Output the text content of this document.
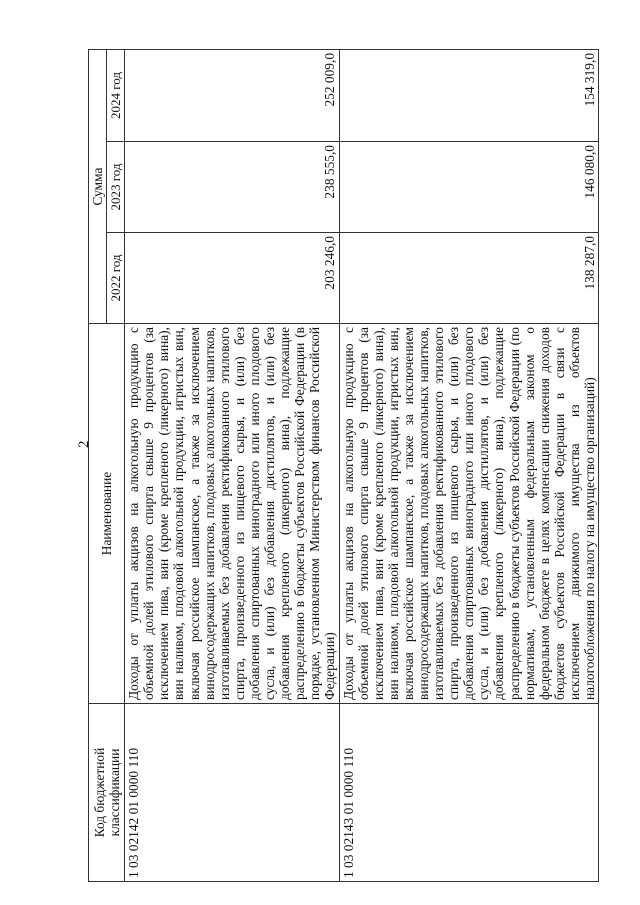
2
Код бюджетной классификации	Наименование	Сумма		
		2022 год	2023 год	2024 год
1 03 02142 01 0000 110	Доходы от уплаты акцизов на алкогольную продукцию с объемной долей этилового спирта свыше 9 процентов (за исключением пива, вин (кроме крепленого (ликерного) вина), вин наливом, плодовой алкогольной продукции, игристых вин, включая российское шампанское, а также за исключением винодросодержащих напитков, плодовых алкогольных напитков, изготавливаемых без добавления ректификованного этилового спирта, произведенного из пищевого сырья, и (или) без добавления спиртованных виноградного или иного плодового сусла, и (или) без добавления дистиллятов, и (или) без добавления крепленого (ликерного) вина), подлежащие распределению в бюджеты субъектов Российской Федерации (в порядке, установленном Министерством финансов Российской Федерации)	203 246,0	238 555,0	252 009,0
1 03 02143 01 0000 110	Доходы от уплаты акцизов на алкогольную продукцию с объемной долей этилового спирта свыше 9 процентов (за исключением пива, вин (кроме крепленого (ликерного) вина), вин наливом, плодовой алкогольной продукции, игристых вин, включая российское шампанское, а также за исключением винодросодержащих напитков, плодовых алкогольных напитков, изготавливаемых без добавления ректификованного этилового спирта, произведенного из пищевого сырья, и (или) без добавления спиртованных виноградного или иного плодового сусла, и (или) без добавления дистиллятов, и (или) без добавления крепленого (ликерного) вина), подлежащие распределению в бюджеты субъектов Российской Федерации (по нормативам, установленным федеральным законом о федеральном бюджете в целях компенсации снижения доходов бюджетов субъектов Российской Федерации в связи с исключением движимого имущества из объектов налогообложения по налогу на имущество организаций)	138 287,0	146 080,0	154 319,0
